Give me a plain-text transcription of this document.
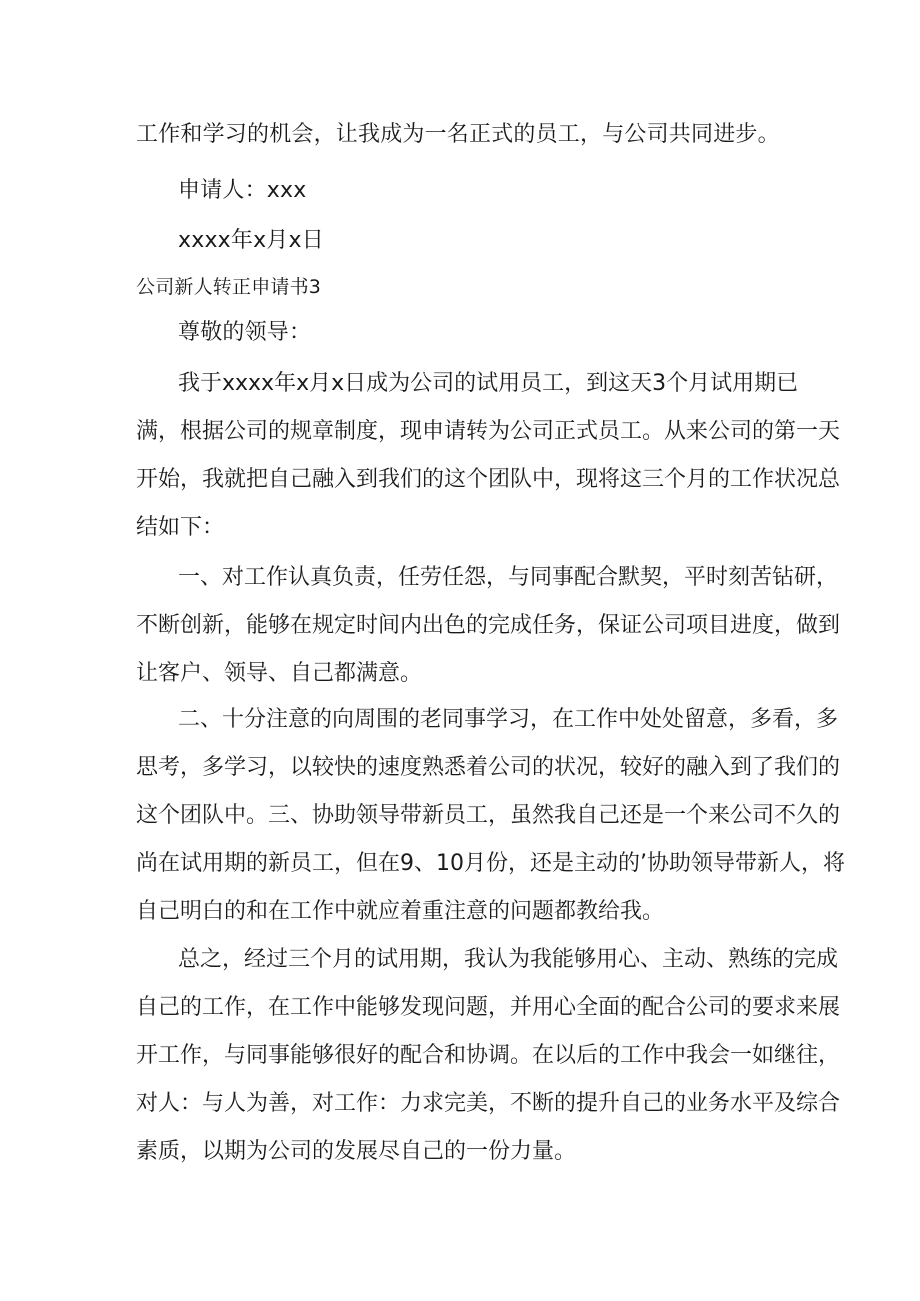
工作和学习的机会，让我成为一名正式的员工，与公司共同进步。
申请人：xxx
xxxx年x月x日
公司新人转正申请书3
尊敬的领导：
我于xxxx年x月x日成为公司的试用员工，到这天3个月试用期已
满，根据公司的规章制度，现申请转为公司正式员工。从来公司的第一天
开始，我就把自己融入到我们的这个团队中，现将这三个月的工作状况总
结如下：
一、对工作认真负责，任劳任怨，与同事配合默契，平时刻苦钻研，
不断创新，能够在规定时间内出色的完成任务，保证公司项目进度，做到
让客户、领导、自己都满意。
二、十分注意的向周围的老同事学习，在工作中处处留意，多看，多
思考，多学习，以较快的速度熟悉着公司的状况，较好的融入到了我们的
这个团队中。三、协助领导带新员工，虽然我自己还是一个来公司不久的
尚在试用期的新员工，但在9、10月份，还是主动的’协助领导带新人，将
自己明白的和在工作中就应着重注意的问题都教给我。
总之，经过三个月的试用期，我认为我能够用心、主动、熟练的完成
自己的工作，在工作中能够发现问题，并用心全面的配合公司的要求来展
开工作，与同事能够很好的配合和协调。在以后的工作中我会一如继往，
对人：与人为善，对工作：力求完美，不断的提升自己的业务水平及综合
素质，以期为公司的发展尽自己的一份力量。
